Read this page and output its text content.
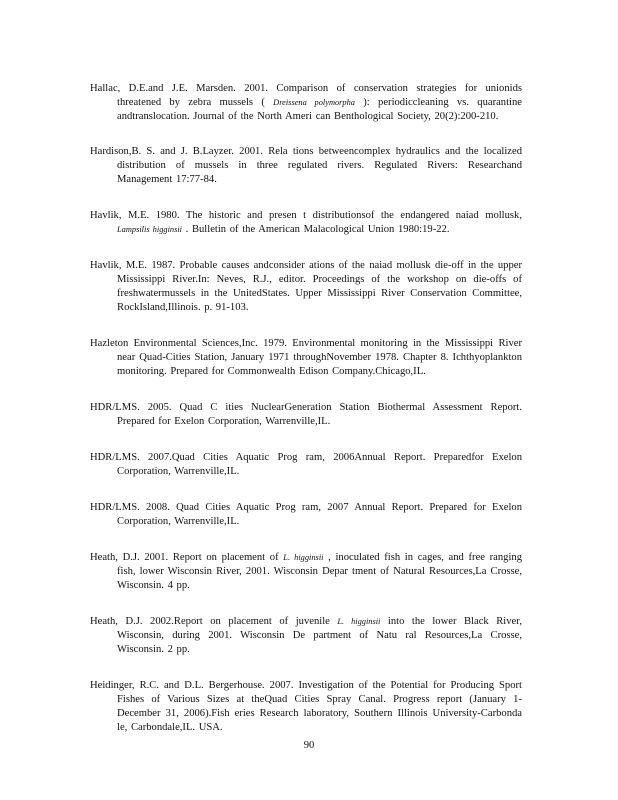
Hallac, D.E.and J.E. Marsden. 2001. Comparison of conservation strategies for unionids threatened by zebra mussels ( Dreissena polymorpha ): periodiccleaning vs. quarantine andtranslocation. Journal of the North Ameri can Benthological Society, 20(2):200-210.

Hardison,B. S. and J. B.Layzer. 2001. Rela tions betweencomplex hydraulics and the localized distribution of mussels in three regulated rivers. Regulated Rivers: Researchand Management 17:77-84.

Havlik, M.E. 1980. The historic and presen t distributionsof the endangered naiad mollusk, Lampsilis higginsii . Bulletin of the American Malacological Union 1980:19-22.

Havlik, M.E. 1987. Probable causes andconsider ations of the naiad mollusk die-off in the upper Mississippi River.In: Neves, R.J., editor. Proceedings of the workshop on die-offs of freshwatermussels in the UnitedStates. Upper Mississippi River Conservation Committee, RockIsland,Illinois. p. 91-103.

Hazleton Environmental Sciences,Inc. 1979. Environmental monitoring in the Mississippi River near Quad-Cities Station, January 1971 throughNovember 1978. Chapter 8. Ichthyoplankton monitoring. Prepared for Commonwealth Edison Company.Chicago,IL.

HDR/LMS. 2005. Quad C ities NuclearGeneration Station Biothermal Assessment Report. Prepared for Exelon Corporation, Warrenville,IL.

HDR/LMS. 2007.Quad Cities Aquatic Prog ram, 2006Annual Report. Preparedfor Exelon Corporation, Warrenville,IL.

HDR/LMS. 2008. Quad Cities Aquatic Prog ram, 2007 Annual Report. Prepared for Exelon Corporation, Warrenville,IL.

Heath, D.J. 2001. Report on placement of L. higginsii , inoculated fish in cages, and free ranging fish, lower Wisconsin River, 2001. Wisconsin Depar tment of Natural Resources,La Crosse, Wisconsin. 4 pp.

Heath, D.J. 2002.Report on placement of juvenile L. higginsii into the lower Black River, Wisconsin, during 2001. Wisconsin De partment of Natu ral Resources,La Crosse, Wisconsin. 2 pp.

Heidinger, R.C. and D.L. Bergerhouse. 2007. Investigation of the Potential for Producing Sport Fishes of Various Sizes at theQuad Cities Spray Canal. Progress report (January 1-December 31, 2006).Fish eries Research laboratory, Southern Illinois University-Carbonda le, Carbondale,IL. USA.

90
